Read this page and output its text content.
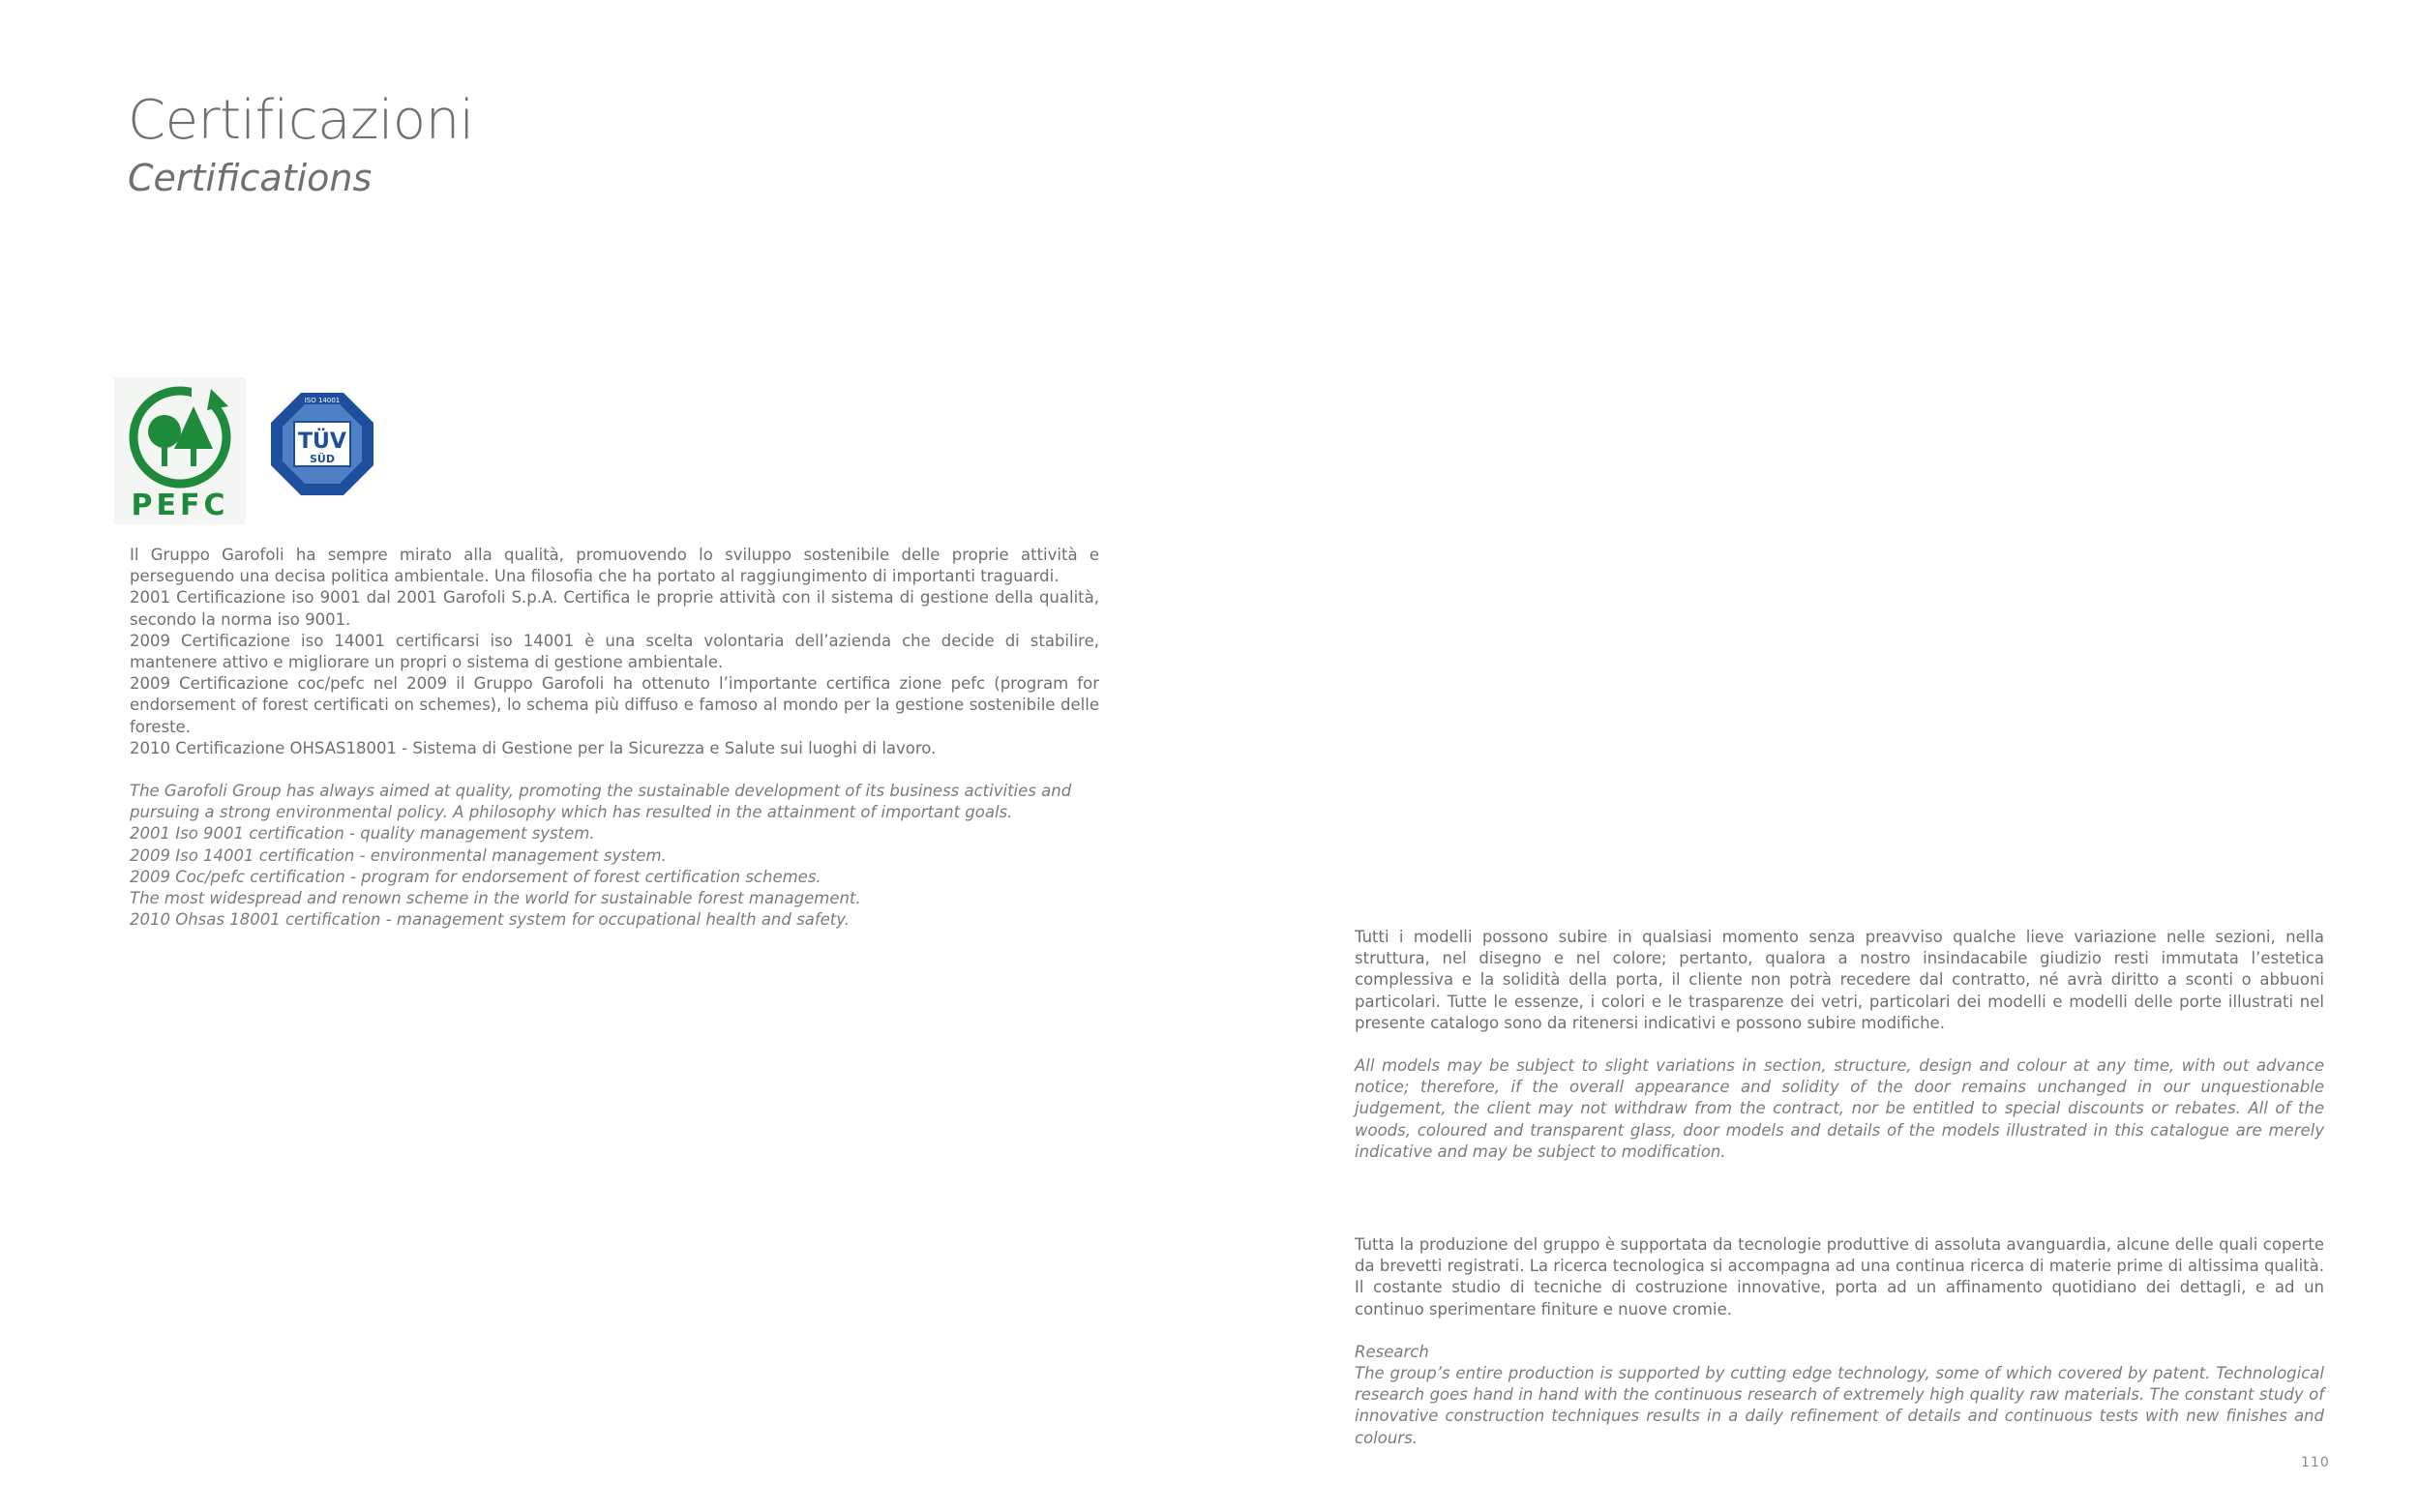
Certificazioni
Certifications
PEFC
ISO 14001
TÜV
SÜD
Il Gruppo Garofoli ha sempre mirato alla qualità, promuovendo lo sviluppo sostenibile delle proprie attività e perseguendo una decisa politica ambientale. Una filosofia che ha portato al raggiungimento di importanti traguardi.
2001 Certificazione iso 9001 dal 2001 Garofoli S.p.A. Certifica le proprie attività con il sistema di gestione della qualità, secondo la norma iso 9001.
2009 Certificazione iso 14001 certificarsi iso 14001 è una scelta volontaria dell’azienda che decide di stabilire, mantenere attivo e migliorare un propri o sistema di gestione ambientale.
2009 Certificazione coc/pefc nel 2009 il Gruppo Garofoli ha ottenuto l’importante certifica zione pefc (program for endorsement of forest certificati on schemes), lo schema più diffuso e famoso al mondo per la gestione sostenibile delle foreste.
2010 Certificazione OHSAS18001 - Sistema di Gestione per la Sicurezza e Salute sui luoghi di lavoro.
The Garofoli Group has always aimed at quality, promoting the sustainable development of its business activities and pursuing a strong environmental policy. A philosophy which has resulted in the attainment of important goals.
2001 Iso 9001 certification - quality management system.
2009 Iso 14001 certification - environmental management system.
2009 Coc/pefc certification - program for endorsement of forest certification schemes.
The most widespread and renown scheme in the world for sustainable forest management.
2010 Ohsas 18001 certification - management system for occupational health and safety.

Tutti i modelli possono subire in qualsiasi momento senza preavviso qualche lieve variazione nelle sezioni, nella struttura, nel disegno e nel colore; pertanto, qualora a nostro insindacabile giudizio resti immutata l’estetica complessiva e la solidità della porta, il cliente non potrà recedere dal contratto, né avrà diritto a sconti o abbuoni particolari. Tutte le essenze, i colori e le trasparenze dei vetri, particolari dei modelli e modelli delle porte illustrati nel presente catalogo sono da ritenersi indicativi e possono subire modifiche.

All models may be subject to slight variations in section, structure, design and colour at any time, with out advance notice; therefore, if the overall appearance and solidity of the door remains unchanged in our unquestionable judgement, the client may not withdraw from the contract, nor be entitled to special discounts or rebates. All of the woods, coloured and transparent glass, door models and details of the models illustrated in this catalogue are merely indicative and may be subject to modification.

Tutta la produzione del gruppo è supportata da tecnologie produttive di assoluta avanguardia, alcune delle quali coperte da brevetti registrati. La ricerca tecnologica si accompagna ad una continua ricerca di materie prime di altissima qualità. Il costante studio di tecniche di costruzione innovative, porta ad un affinamento quotidiano dei dettagli, e ad un continuo sperimentare finiture e nuove cromie.

Research

The group’s entire production is supported by cutting edge technology, some of which covered by patent. Technological research goes hand in hand with the continuous research of extremely high quality raw materials. The constant study of innovative construction techniques results in a daily refinement of details and continuous tests with new finishes and colours.

110
